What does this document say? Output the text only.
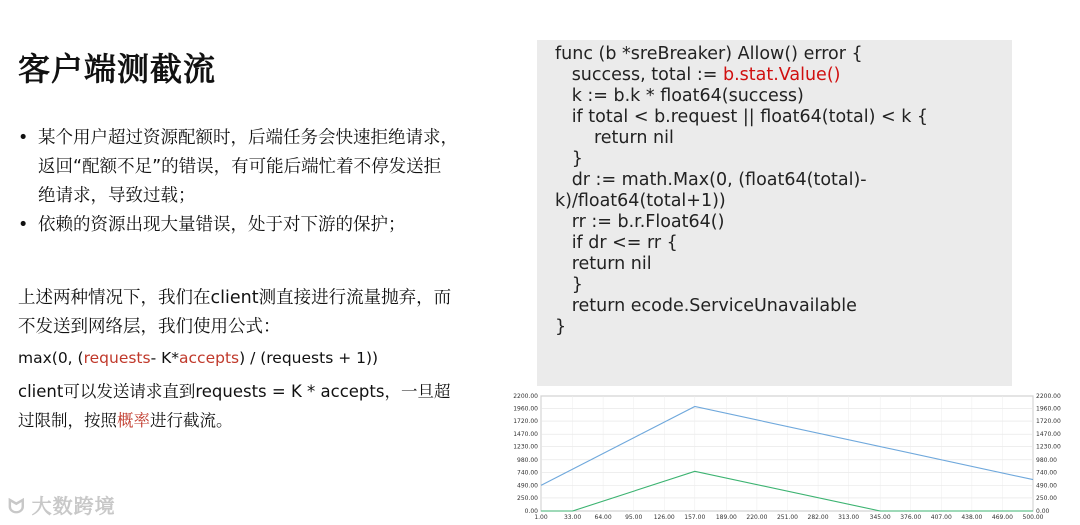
客户端测截流
• 某个用户超过资源配额时，后端任务会快速拒绝请求，返回“配额不足”的错误，有可能后端忙着不停发送拒绝请求，导致过载；
• 依赖的资源出现大量错误，处于对下游的保护；
上述两种情况下，我们在client测直接进行流量抛弃，而不发送到网络层，我们使用公式：
max(0, (requests- K*accepts) / (requests + 1))
client可以发送请求直到requests = K * accepts，一旦超过限制，按照概率进行截流。
func (b *sreBreaker) Allow() error {
success, total := b.stat.Value()
k := b.k * float64(success)
if total < b.request || float64(total) < k {
return nil
}
dr := math.Max(0, (float64(total)-
k)/float64(total+1))
rr := b.r.Float64()
if dr <= rr {
return nil
}
return ecode.ServiceUnavailable
}
0.00	0.00
250.00	250.00
490.00	490.00
740.00	740.00
980.00	980.00
1230.00	1230.00
1470.00	1470.00
1720.00	1720.00
1960.00	1960.00
2200.00	2200.00
1.00	33.00 64.00 95.00 126.00 157.00 189.00 220.00 251.00 282.00 313.00 345.00 376.00 407.00 438.00 469.00 500.00
ᗢ 大数跨境
